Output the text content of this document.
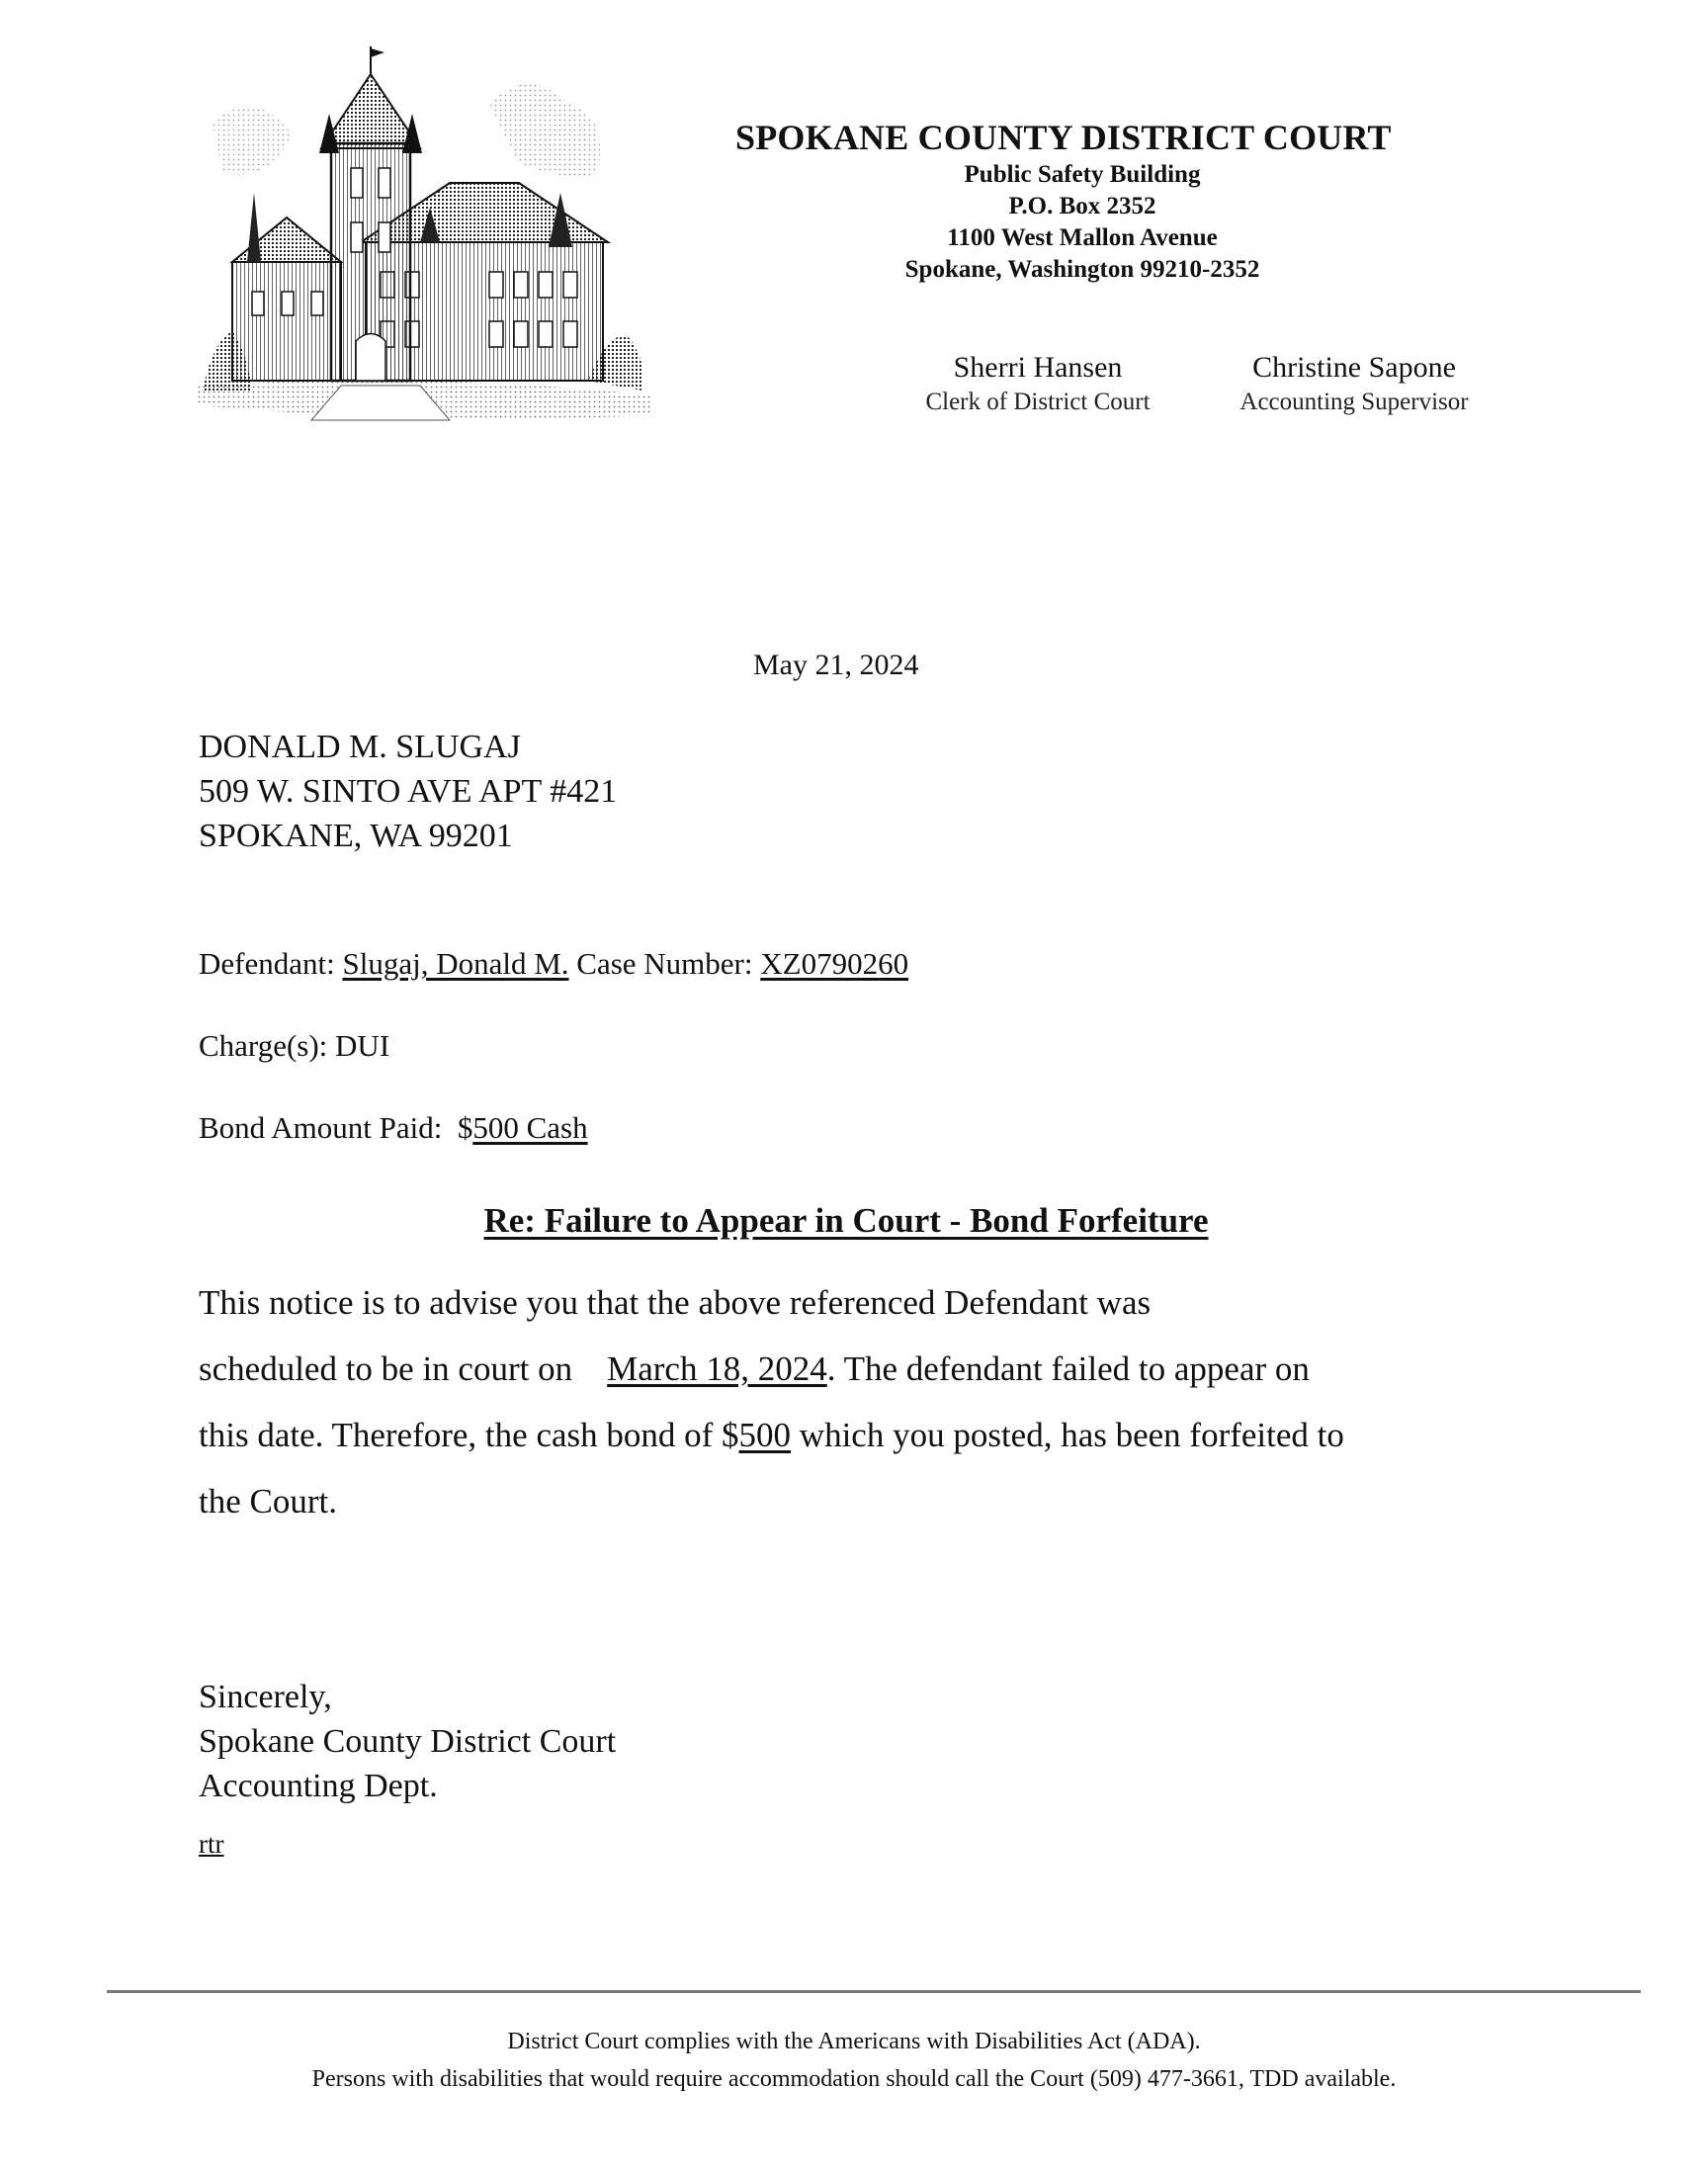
SPOKANE COUNTY DISTRICT COURT
Public Safety Building
P.O. Box 2352
1100 West Mallon Avenue
Spokane, Washington 99210-2352
Sherri Hansen
Clerk of District Court
Christine Sapone
Accounting Supervisor
May 21, 2024
DONALD M. SLUGAJ
509 W. SINTO AVE APT #421
SPOKANE, WA 99201
Defendant: Slugaj, Donald M. Case Number: XZ0790260
Charge(s): DUI
Bond Amount Paid: $500 Cash
Re: Failure to Appear in Court - Bond Forfeiture
This notice is to advise you that the above referenced Defendant was
scheduled to be in court on March 18, 2024. The defendant failed to appear on
this date. Therefore, the cash bond of $500 which you posted, has been forfeited to
the Court.
Sincerely,
Spokane County District Court
Accounting Dept.
rtr
District Court complies with the Americans with Disabilities Act (ADA).
Persons with disabilities that would require accommodation should call the Court (509) 477-3661, TDD available.
